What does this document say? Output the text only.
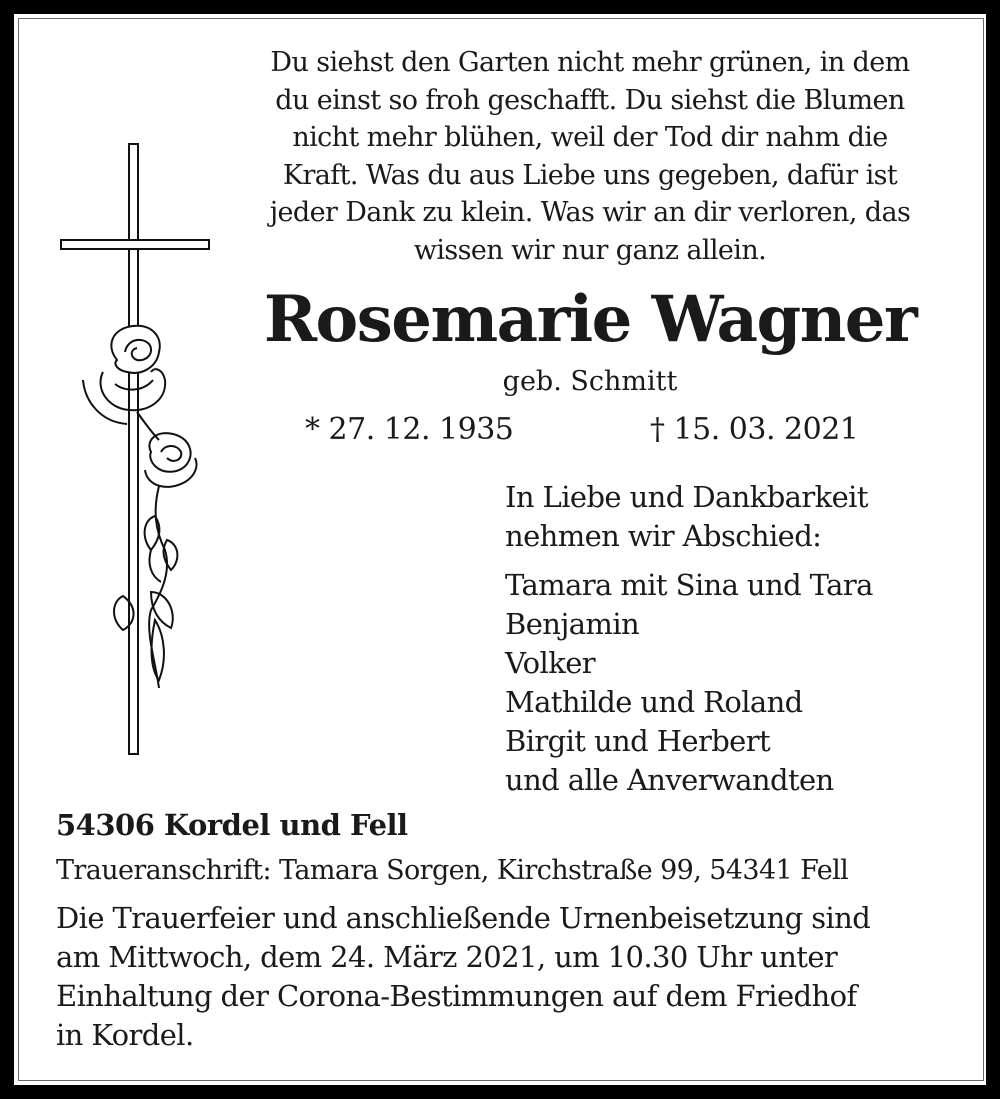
Du siehst den Garten nicht mehr grünen, in dem
du einst so froh geschafft. Du siehst die Blumen
nicht mehr blühen, weil der Tod dir nahm die
Kraft. Was du aus Liebe uns gegeben, dafür ist
jeder Dank zu klein. Was wir an dir verloren, das
wissen wir nur ganz allein.
Rosemarie Wagner
geb. Schmitt
* 27. 12. 1935	† 15. 03. 2021
In Liebe und Dankbarkeit
nehmen wir Abschied:
Tamara mit Sina und Tara
Benjamin
Volker
Mathilde und Roland
Birgit und Herbert
und alle Anverwandten
54306 Kordel und Fell
Traueranschrift: Tamara Sorgen, Kirchstraße 99, 54341 Fell
Die Trauerfeier und anschließende Urnenbeisetzung sind
am Mittwoch, dem 24. März 2021, um 10.30 Uhr unter
Einhaltung der Corona-Bestimmungen auf dem Friedhof
in Kordel.
